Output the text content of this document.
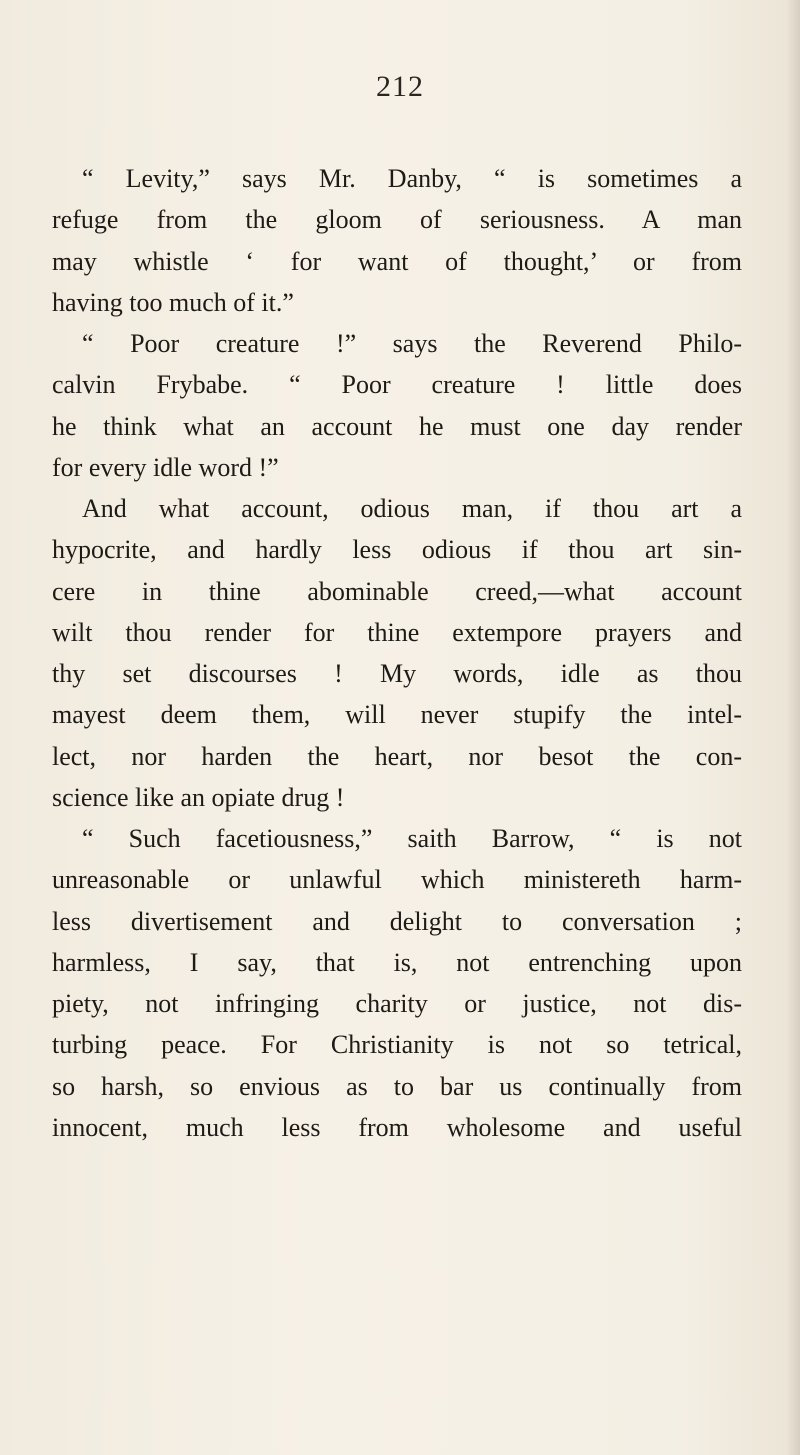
212
“ Levity,” says Mr. Danby, “ is sometimes a
refuge from the gloom of seriousness. A man
may whistle ‘ for want of thought,’ or from
having too much of it.”
“ Poor creature !” says the Reverend Philo-
calvin Frybabe. “ Poor creature ! little does
he think what an account he must one day render
for every idle word !”
And what account, odious man, if thou art a
hypocrite, and hardly less odious if thou art sin-
cere in thine abominable creed,—what account
wilt thou render for thine extempore prayers and
thy set discourses ! My words, idle as thou
mayest deem them, will never stupify the intel-
lect, nor harden the heart, nor besot the con-
science like an opiate drug !
“ Such facetiousness,” saith Barrow, “ is not
unreasonable or unlawful which ministereth harm-
less divertisement and delight to conversation ;
harmless, I say, that is, not entrenching upon
piety, not infringing charity or justice, not dis-
turbing peace. For Christianity is not so tetrical,
so harsh, so envious as to bar us continually from
innocent, much less from wholesome and useful
